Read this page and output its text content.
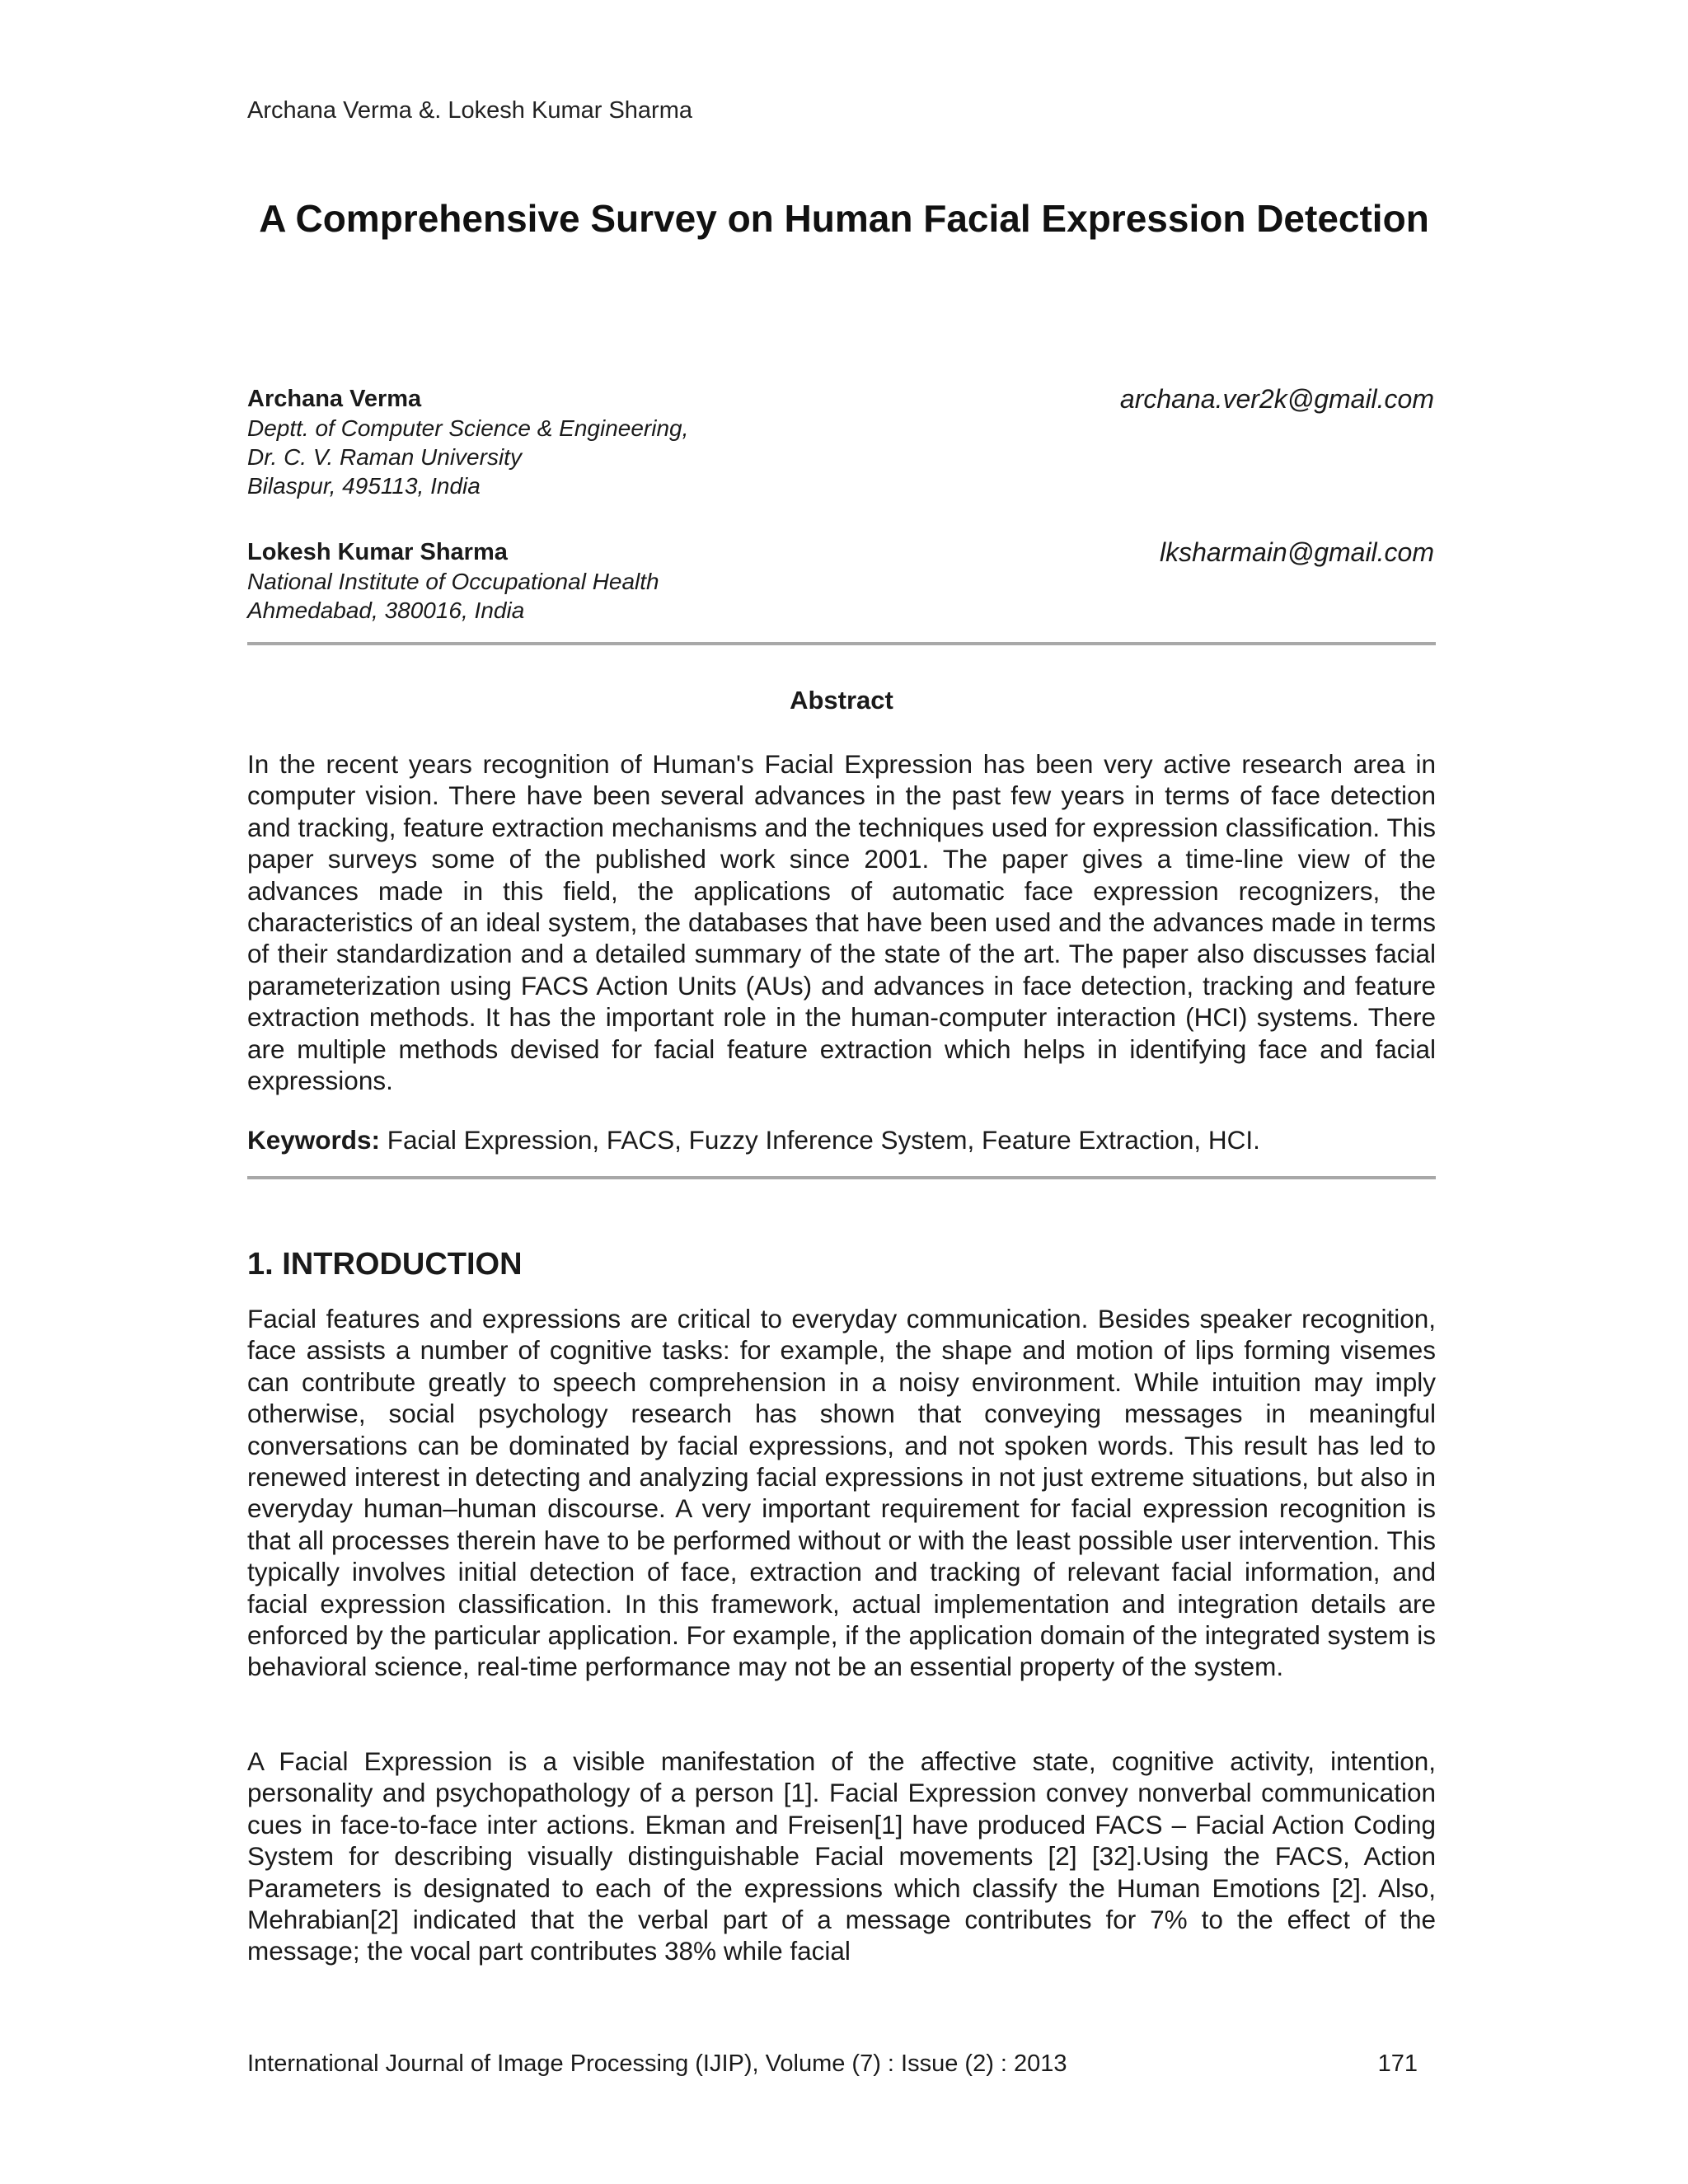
Archana Verma &. Lokesh Kumar Sharma
A Comprehensive Survey on Human Facial Expression Detection
Archana Verma	archana.ver2k@gmail.com
Deptt. of Computer Science & Engineering,
Dr. C. V. Raman University
Bilaspur, 495113, India
Lokesh Kumar Sharma	lksharmain@gmail.com
National Institute of Occupational Health
Ahmedabad, 380016, India
Abstract
In the recent years recognition of Human's Facial Expression has been very active research area in computer vision. There have been several advances in the past few years in terms of face detection and tracking, feature extraction mechanisms and the techniques used for expression classification. This paper surveys some of the published work since 2001. The paper gives a time-line view of the advances made in this field, the applications of automatic face expression recognizers, the characteristics of an ideal system, the databases that have been used and the advances made in terms of their standardization and a detailed summary of the state of the art. The paper also discusses facial parameterization using FACS Action Units (AUs) and advances in face detection, tracking and feature extraction methods. It has the important role in the human-computer interaction (HCI) systems. There are multiple methods devised for facial feature extraction which helps in identifying face and facial expressions.
Keywords: Facial Expression, FACS, Fuzzy Inference System, Feature Extraction, HCI.
1. INTRODUCTION
Facial features and expressions are critical to everyday communication. Besides speaker recognition, face assists a number of cognitive tasks: for example, the shape and motion of lips forming visemes can contribute greatly to speech comprehension in a noisy environment. While intuition may imply otherwise, social psychology research has shown that conveying messages in meaningful conversations can be dominated by facial expressions, and not spoken words. This result has led to renewed interest in detecting and analyzing facial expressions in not just extreme situations, but also in everyday human–human discourse. A very important requirement for facial expression recognition is that all processes therein have to be performed without or with the least possible user intervention. This typically involves initial detection of face, extraction and tracking of relevant facial information, and facial expression classification. In this framework, actual implementation and integration details are enforced by the particular application. For example, if the application domain of the integrated system is behavioral science, real-time performance may not be an essential property of the system.
A Facial Expression is a visible manifestation of the affective state, cognitive activity, intention, personality and psychopathology of a person [1]. Facial Expression convey nonverbal communication cues in face-to-face inter actions. Ekman and Freisen[1] have produced FACS – Facial Action Coding System for describing visually distinguishable Facial movements [2] [32].Using the FACS, Action Parameters is designated to each of the expressions which classify the Human Emotions [2]. Also, Mehrabian[2] indicated that the verbal part of a message contributes for 7% to the effect of the message; the vocal part contributes 38% while facial
International Journal of Image Processing (IJIP), Volume (7) : Issue (2) : 2013	171
